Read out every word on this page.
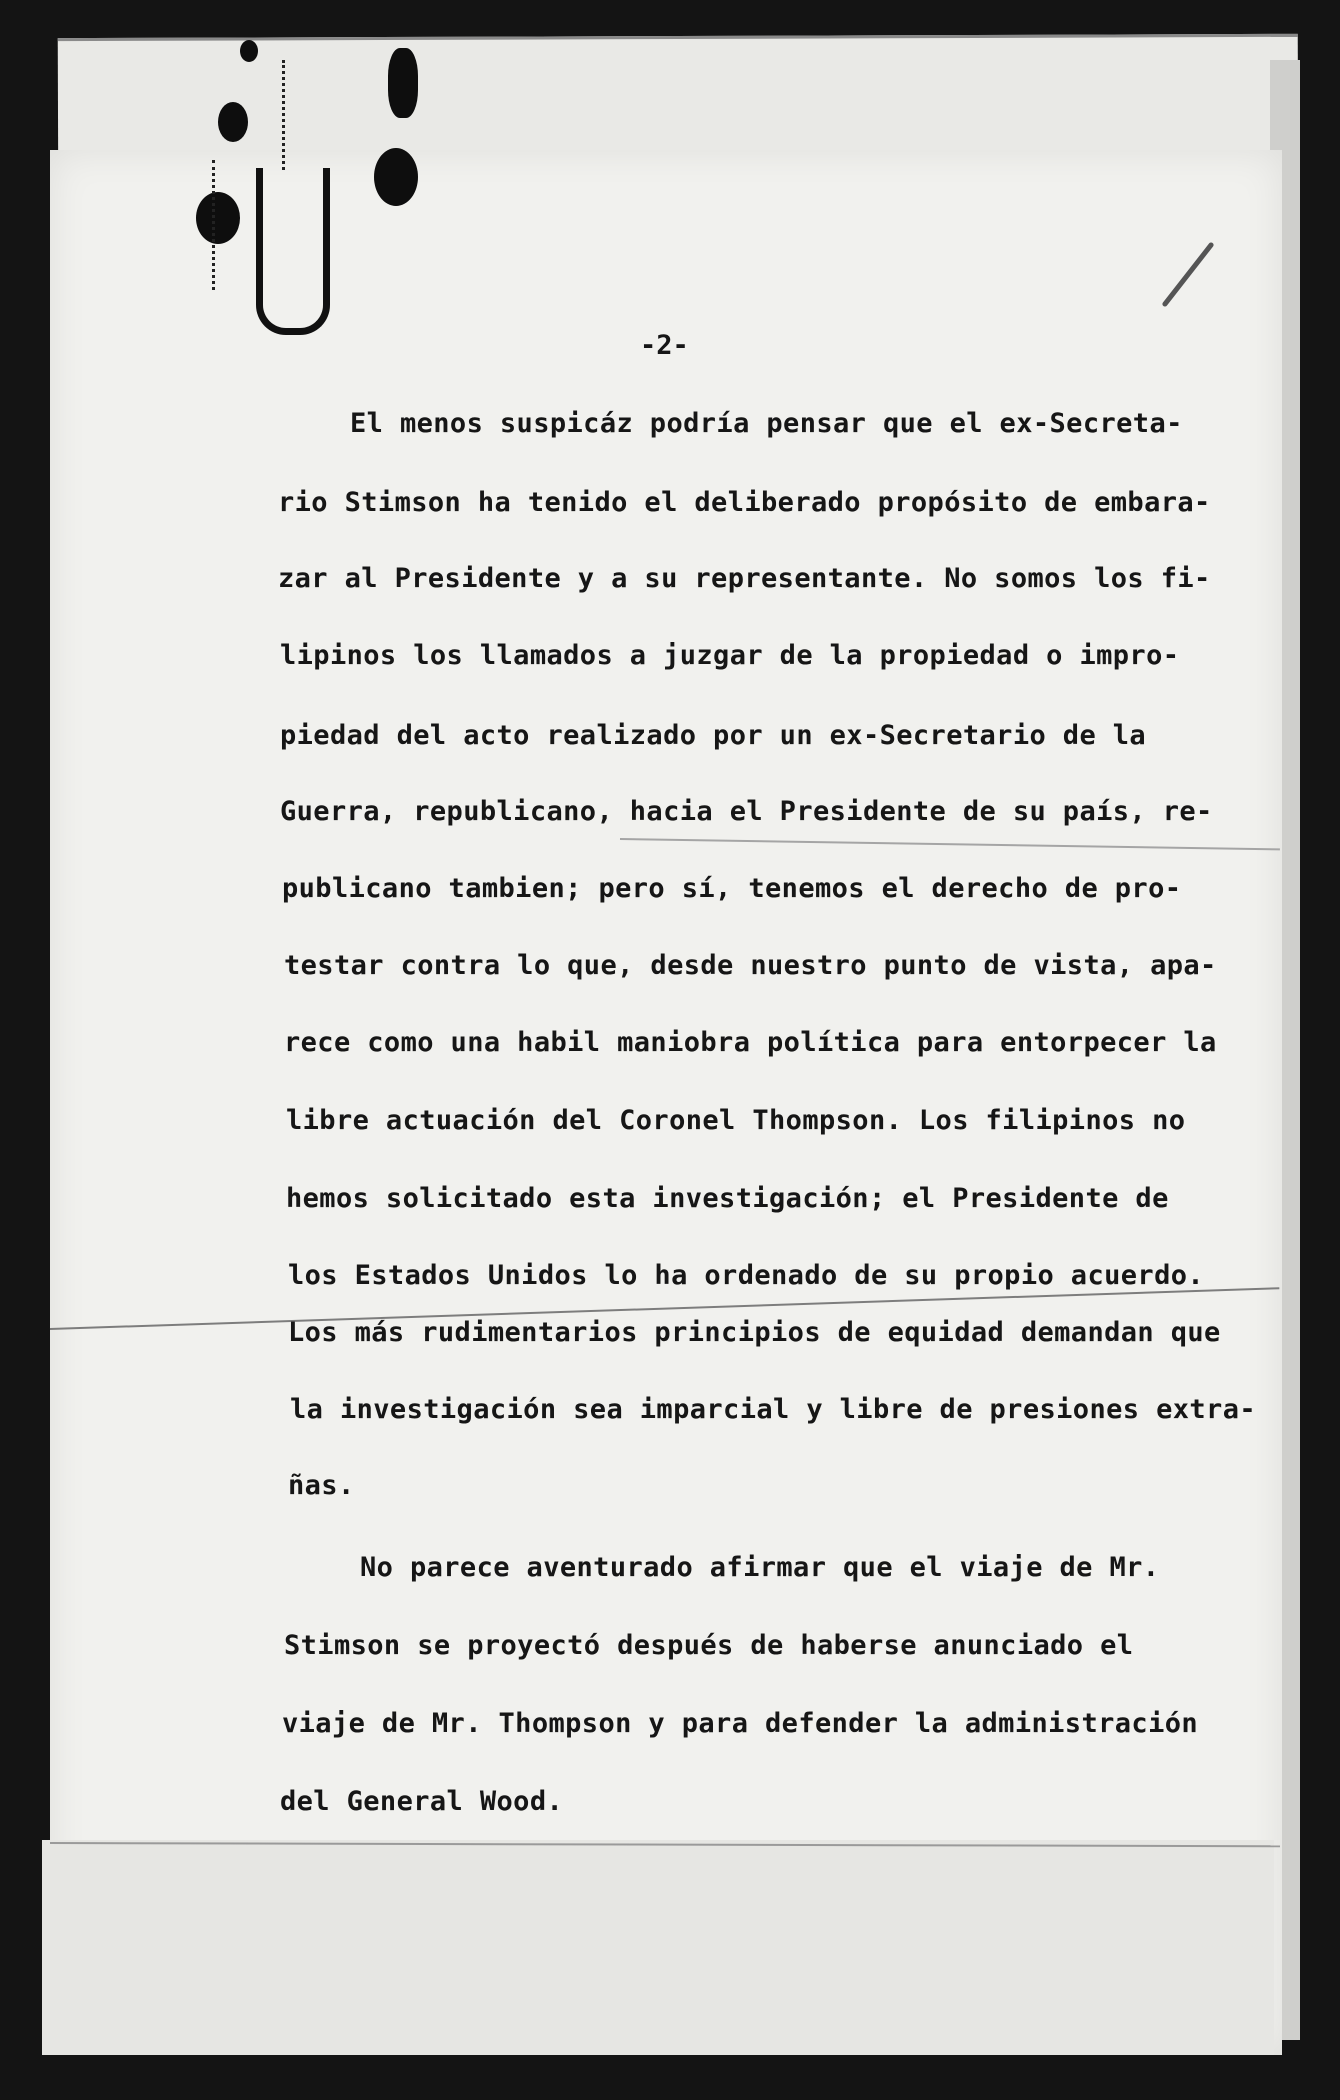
-2-
El menos suspicáz podría pensar que el ex-Secreta-
rio Stimson ha tenido el deliberado propósito de embara-
zar al Presidente y a su representante. No somos los fi-
lipinos los llamados a juzgar de la propiedad o impro-
piedad del acto realizado por un ex-Secretario de la
Guerra, republicano, hacia el Presidente de su país, re-
publicano tambien; pero sí, tenemos el derecho de pro-
testar contra lo que, desde nuestro punto de vista, apa-
rece como una habil maniobra política para entorpecer la
libre actuación del Coronel Thompson. Los filipinos no
hemos solicitado esta investigación; el Presidente de
los Estados Unidos lo ha ordenado de su propio acuerdo.
Los más rudimentarios principios de equidad demandan que
la investigación sea imparcial y libre de presiones extra-
ñas.
No parece aventurado afirmar que el viaje de Mr.
Stimson se proyectó después de haberse anunciado el
viaje de Mr. Thompson y para defender la administración
del General Wood.
